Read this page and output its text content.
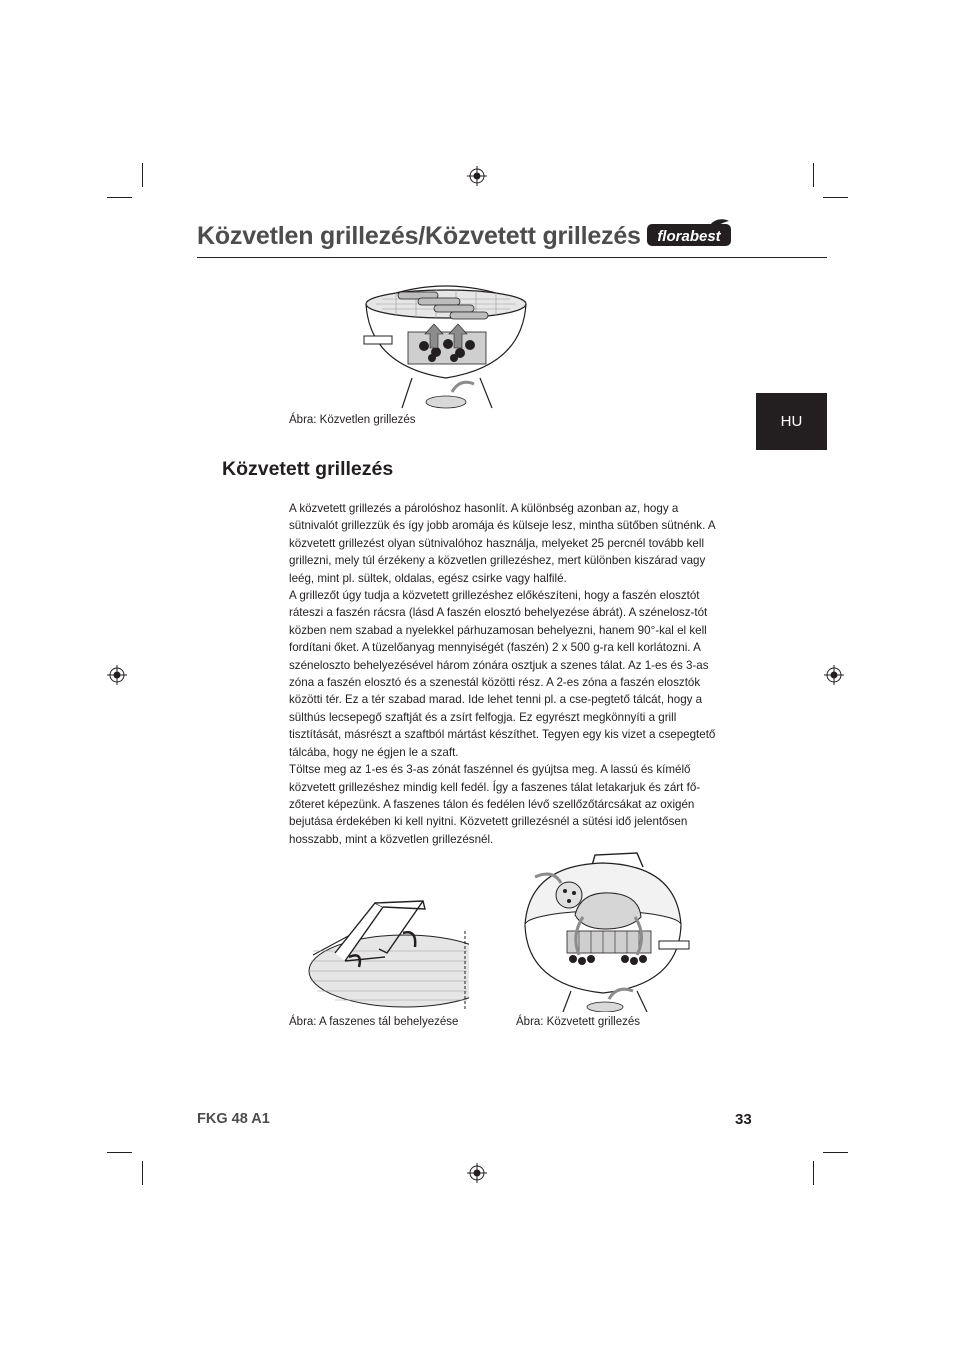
Közvetlen grillezés/Közvetett grillezés florabest
HU
Ábra: Közvetlen grillezés
Közvetett grillezés

A közvetett grillezés a párolóshoz hasonlít. A különbség azonban az, hogy a sütnivalót grillezzük és így jobb aromája és külseje lesz, mintha sütőben sütnénk. A közvetett grillezést olyan sütnivalóhoz használja, melyeket 25 percnél tovább kell grillezni, mely túl érzékeny a közvetlen grillezéshez, mert különben kiszárad vagy leég, mint pl. sültek, oldalas, egész csirke vagy halfilé.

A grillezőt úgy tudja a közvetett grillezéshez előkészíteni, hogy a faszén elosztót ráteszi a faszén rácsra (lásd A faszén elosztó behelyezése ábrát). A szénelosz-tót közben nem szabad a nyelekkel párhuzamosan behelyezni, hanem 90°-kal el kell fordítani őket. A tüzelőanyag mennyiségét (faszén) 2 x 500 g-ra kell korlátozni. A széneloszto behelyezésével három zónára osztjuk a szenes tálat. Az 1-es és 3-as zóna a faszén elosztó és a szenestál közötti rész. A 2-es zóna a faszén elosztók közötti tér. Ez a tér szabad marad. Ide lehet tenni pl. a cse-pegtető tálcát, hogy a sülthús lecsepegő szaftját és a zsírt felfogja. Ez egyrészt megkönnyíti a grill tisztítását, másrészt a szaftból mártást készíthet. Tegyen egy kis vizet a csepegtető tálcába, hogy ne égjen le a szaft.

Töltse meg az 1-es és 3-as zónát faszénnel és gyújtsa meg. A lassú és kímélő közvetett grillezéshez mindig kell fedél. Így a faszenes tálat letakarjuk és zárt fő-zőteret képezünk. A faszenes tálon és fedélen lévő szellőzőtárcsákat az oxigén bejutása érdekében ki kell nyitni. Közvetett grillezésnél a sütési idő jelentősen hosszabb, mint a közvetlen grillezésnél.

Ábra: A faszenes tál behelyezése	Ábra: Közvetett grillezés
FKG 48 A1	33
